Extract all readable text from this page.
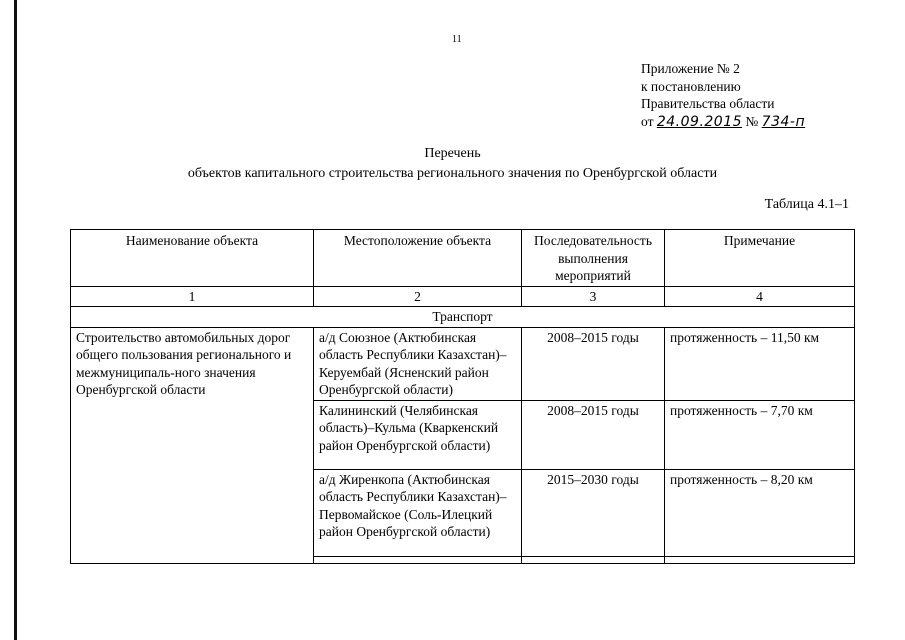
11
Приложение № 2
к постановлению
Правительства области
от 24.09.2015 № 734-п
Перечень
объектов капитального строительства регионального значения по Оренбургской области
Таблица 4.1–1
Наименование объекта	Местоположение объекта	Последовательность выполнения мероприятий	Примечание
1	2	3	4
Транспорт			
Строительство автомобильных дорог общего пользования регионального и межмуниципаль-ного значения Оренбургской области	а/д Союзное (Актюбинская область Республики Казахстан)–Керуембай (Ясненский район Оренбургской области)	2008–2015 годы	протяженность – 11,50 км
	Калининский (Челябинская область)–Кульма (Кваркенский район Оренбургской области)	2008–2015 годы	протяженность – 7,70 км
	а/д Жиренкопа (Актюбинская область Республики Казахстан)–Первомайское (Соль-Илецкий район Оренбургской области)	2015–2030 годы	протяженность – 8,20 км
